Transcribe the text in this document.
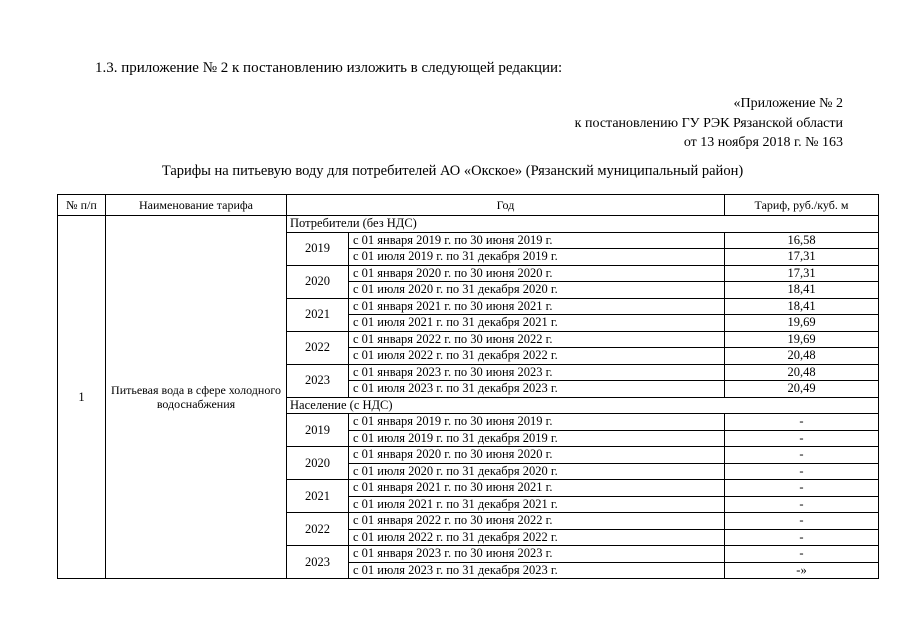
1.3. приложение № 2 к постановлению изложить в следующей редакции:
«Приложение № 2
к постановлению ГУ РЭК Рязанской области
от 13 ноября 2018 г. № 163
Тарифы на питьевую воду для потребителей АО «Окское» (Рязанский муниципальный район)
№ п/п	Наименование тарифа	Год		Тариф, руб./куб. м
1	Питьевая вода в сфере холодного водоснабжения	Потребители (без НДС)		
		2019	с 01 января 2019 г. по 30 июня 2019 г.	16,58
			с 01 июля 2019 г. по 31 декабря 2019 г.	17,31
		2020	с 01 января 2020 г. по 30 июня 2020 г.	17,31
			с 01 июля 2020 г. по 31 декабря 2020 г.	18,41
		2021	с 01 января 2021 г. по 30 июня 2021 г.	18,41
			с 01 июля 2021 г. по 31 декабря 2021 г.	19,69
		2022	с 01 января 2022 г. по 30 июня 2022 г.	19,69
			с 01 июля 2022 г. по 31 декабря 2022 г.	20,48
		2023	с 01 января 2023 г. по 30 июня 2023 г.	20,48
			с 01 июля 2023 г. по 31 декабря 2023 г.	20,49
		Население (с НДС)		
		2019	с 01 января 2019 г. по 30 июня 2019 г.	-
			с 01 июля 2019 г. по 31 декабря 2019 г.	-
		2020	с 01 января 2020 г. по 30 июня 2020 г.	-
			с 01 июля 2020 г. по 31 декабря 2020 г.	-
		2021	с 01 января 2021 г. по 30 июня 2021 г.	-
			с 01 июля 2021 г. по 31 декабря 2021 г.	-
		2022	с 01 января 2022 г. по 30 июня 2022 г.	-
			с 01 июля 2022 г. по 31 декабря 2022 г.	-
		2023	с 01 января 2023 г. по 30 июня 2023 г.	-
			с 01 июля 2023 г. по 31 декабря 2023 г.	-»
